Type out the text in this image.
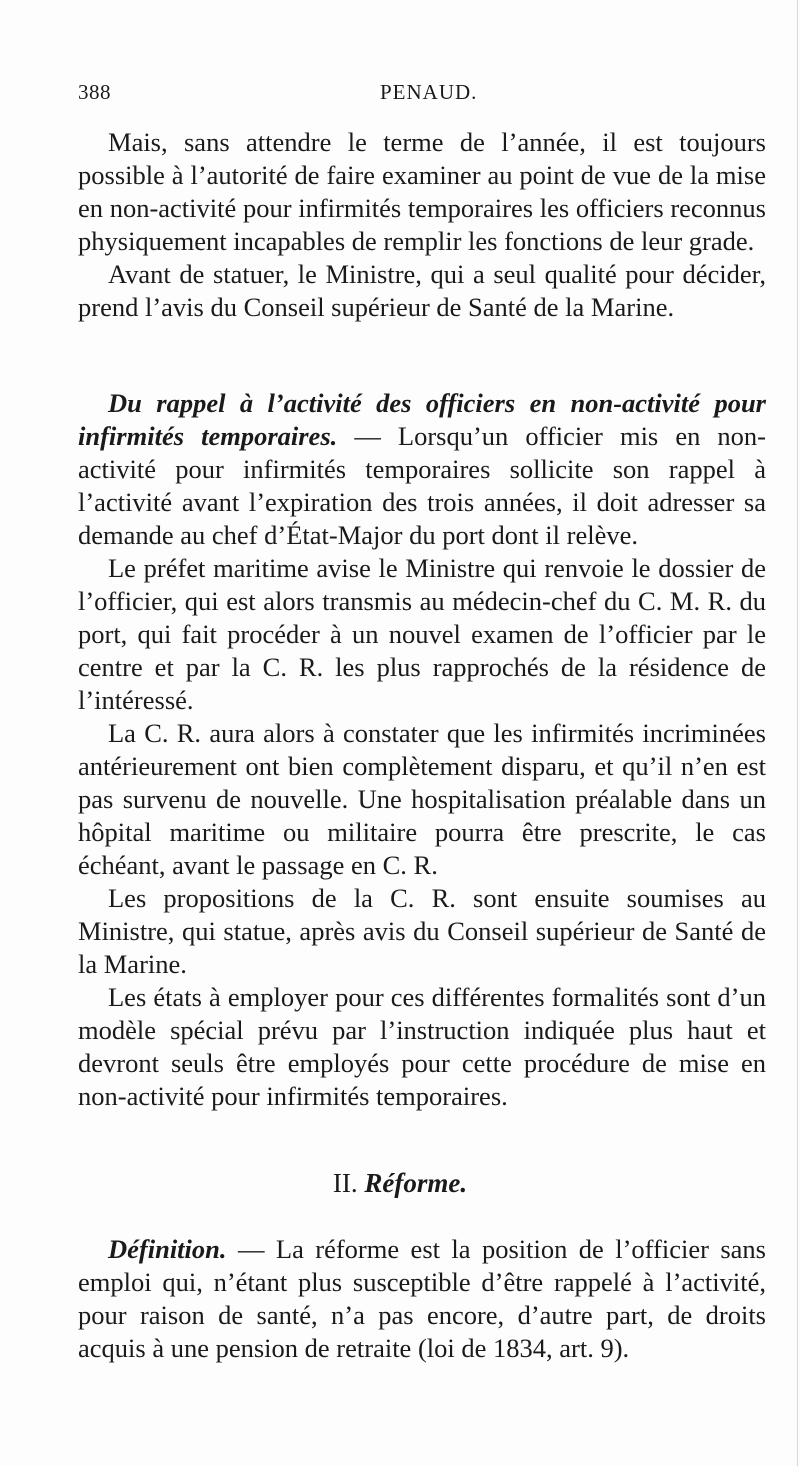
388	PENAUD.

Mais, sans attendre le terme de l’année, il est toujours possible à l’autorité de faire examiner au point de vue de la mise en non-activité pour infirmités temporaires les officiers reconnus physiquement incapables de remplir les fonctions de leur grade.

Avant de statuer, le Ministre, qui a seul qualité pour décider, prend l’avis du Conseil supérieur de Santé de la Marine.

Du rappel à l’activité des officiers en non-activité pour infirmités temporaires. — Lorsqu’un officier mis en non-activité pour infirmités temporaires sollicite son rappel à l’activité avant l’expiration des trois années, il doit adresser sa demande au chef d’État-Major du port dont il relève.

Le préfet maritime avise le Ministre qui renvoie le dossier de l’officier, qui est alors transmis au médecin-chef du C. M. R. du port, qui fait procéder à un nouvel examen de l’officier par le centre et par la C. R. les plus rapprochés de la résidence de l’intéressé.

La C. R. aura alors à constater que les infirmités incriminées antérieurement ont bien complètement disparu, et qu’il n’en est pas survenu de nouvelle. Une hospitalisation préalable dans un hôpital maritime ou militaire pourra être prescrite, le cas échéant, avant le passage en C. R.

Les propositions de la C. R. sont ensuite soumises au Ministre, qui statue, après avis du Conseil supérieur de Santé de la Marine.

Les états à employer pour ces différentes formalités sont d’un modèle spécial prévu par l’instruction indiquée plus haut et devront seuls être employés pour cette procédure de mise en non-activité pour infirmités temporaires.

II. Réforme.

Définition. — La réforme est la position de l’officier sans emploi qui, n’étant plus susceptible d’être rappelé à l’activité, pour raison de santé, n’a pas encore, d’autre part, de droits acquis à une pension de retraite (loi de 1834, art. 9).
